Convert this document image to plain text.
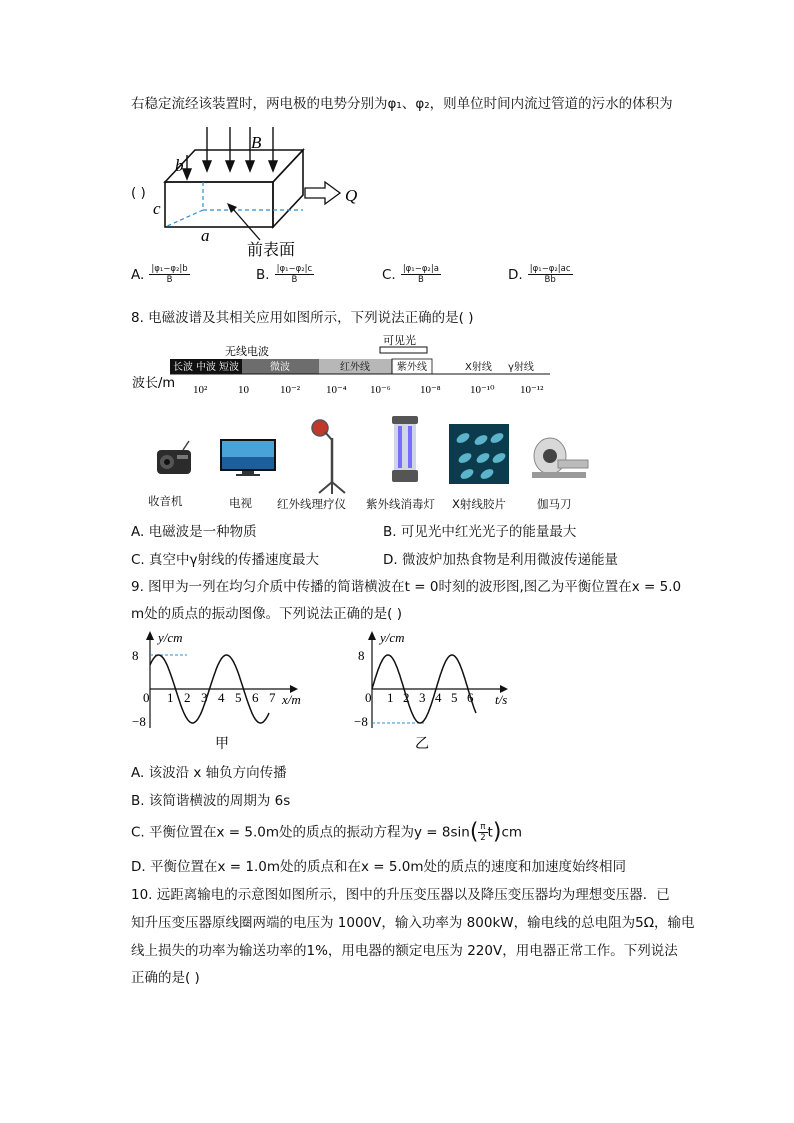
右稳定流经该装置时，两电极的电势分别为φ₁、φ₂，则单位时间内流过管道的污水的体积为
( )
b
B
c
a
Q
前表面
A. $\frac{\text{|φ₁−φ₂|b}}{B}$	B. $\frac{\text{|φ₁−φ₂|c}}{B}$	C. $\frac{\text{|φ₁−φ₂|a}}{B}$	D. $\frac{\text{|φ₁−φ₂|ac}}{Bb}$
8. 电磁波谱及其相关应用如图所示，下列说法正确的是( )
可见光
无线电波
长波 中波 短波	微波	红外线	紫外线	X射线 γ射线
波长/m 10²	10	10⁻² 10⁻⁴ 10⁻⁶	10⁻⁸	10⁻¹⁰ 10⁻¹²
收音机	电视 红外线理疗仪 紫外线消毒灯 X射线胶片	伽马刀
A. 电磁波是一种物质	B. 可见光中红光光子的能量最大
C. 真空中γ射线的传播速度最大	D. 微波炉加热食物是利用微波传递能量
9. 图甲为一列在均匀介质中传播的简谐横波在t = 0时刻的波形图,图乙为平衡位置在x = 5.0
m处的质点的振动图像。下列说法正确的是( )
y/cm
8
−8
0 1 2 3 4 5 6 7 x/m
甲
y/cm
8
−8
0 1 2 3 4 5 6 t/s
乙
A. 该波沿 x 轴负方向传播
B. 该简谐横波的周期为 6s
C. 平衡位置在x = 5.0m处的质点的振动方程为$y = 8\sin( \frac{\pi}{2} t)cm$
D. 平衡位置在x = 1.0m处的质点和在x = 5.0m处的质点的速度和加速度始终相同
10. 远距离输电的示意图如图所示，图中的升压变压器以及降压变压器均为理想变压器．已
知升压变压器原线圈两端的电压为 1000V，输入功率为 800kW，输电线的总电阻为5Ω，输电
线上损失的功率为输送功率的1%，用电器的额定电压为 220V，用电器正常工作。下列说法
正确的是( )
